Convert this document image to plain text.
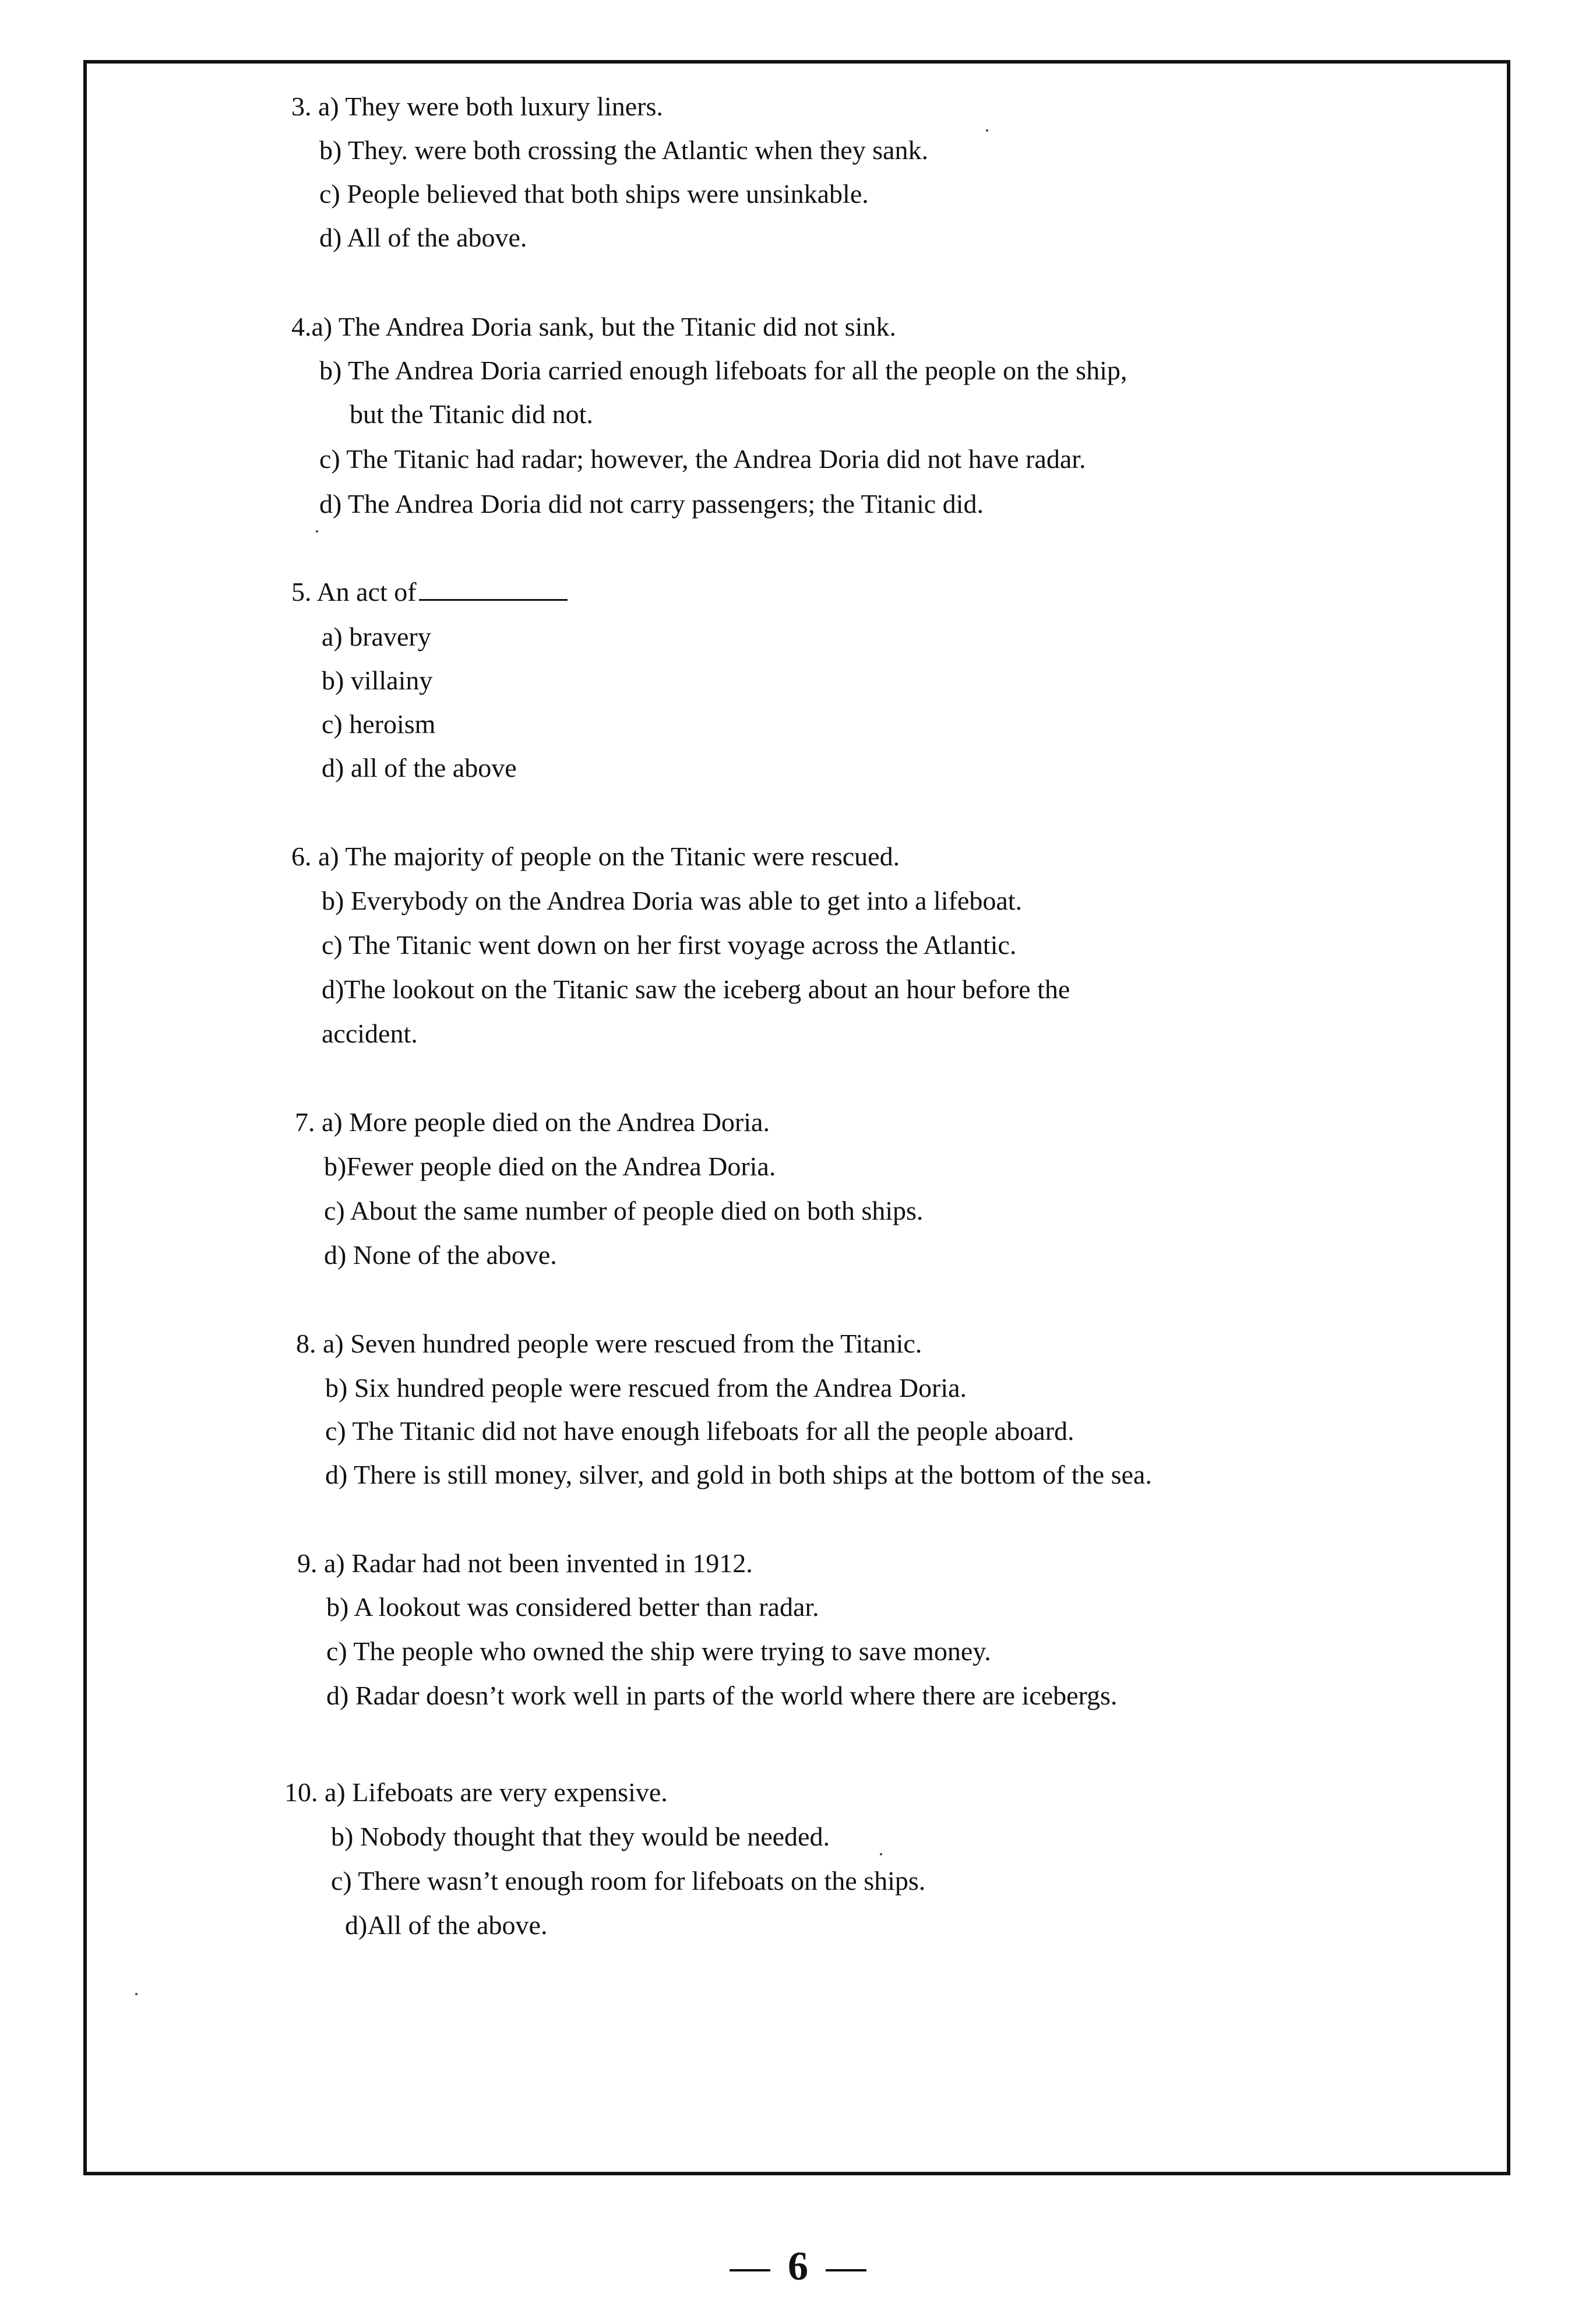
3. a) They were both luxury liners.
b) They. were both crossing the Atlantic when they sank.
c) People believed that both ships were unsinkable.
d) All of the above.
4.a) The Andrea Doria sank, but the Titanic did not sink.
b) The Andrea Doria carried enough lifeboats for all the people on the ship,
but the Titanic did not.
c) The Titanic had radar; however, the Andrea Doria did not have radar.
d) The Andrea Doria did not carry passengers; the Titanic did.
5. An act of
a) bravery
b) villainy
c) heroism
d) all of the above
6. a) The majority of people on the Titanic were rescued.
b) Everybody on the Andrea Doria was able to get into a lifeboat.
c) The Titanic went down on her first voyage across the Atlantic.
d)The lookout on the Titanic saw the iceberg about an hour before the
accident.
7. a) More people died on the Andrea Doria.
b)Fewer people died on the Andrea Doria.
c) About the same number of people died on both ships.
d) None of the above.
8. a) Seven hundred people were rescued from the Titanic.
b) Six hundred people were rescued from the Andrea Doria.
c) The Titanic did not have enough lifeboats for all the people aboard.
d) There is still money, silver, and gold in both ships at the bottom of the sea.
9. a) Radar had not been invented in 1912.
b) A lookout was considered better than radar.
c) The people who owned the ship were trying to save money.
d) Radar doesn’t work well in parts of the world where there are icebergs.
10. a) Lifeboats are very expensive.
b) Nobody thought that they would be needed.
c) There wasn’t enough room for lifeboats on the ships.
d)All of the above.
6
